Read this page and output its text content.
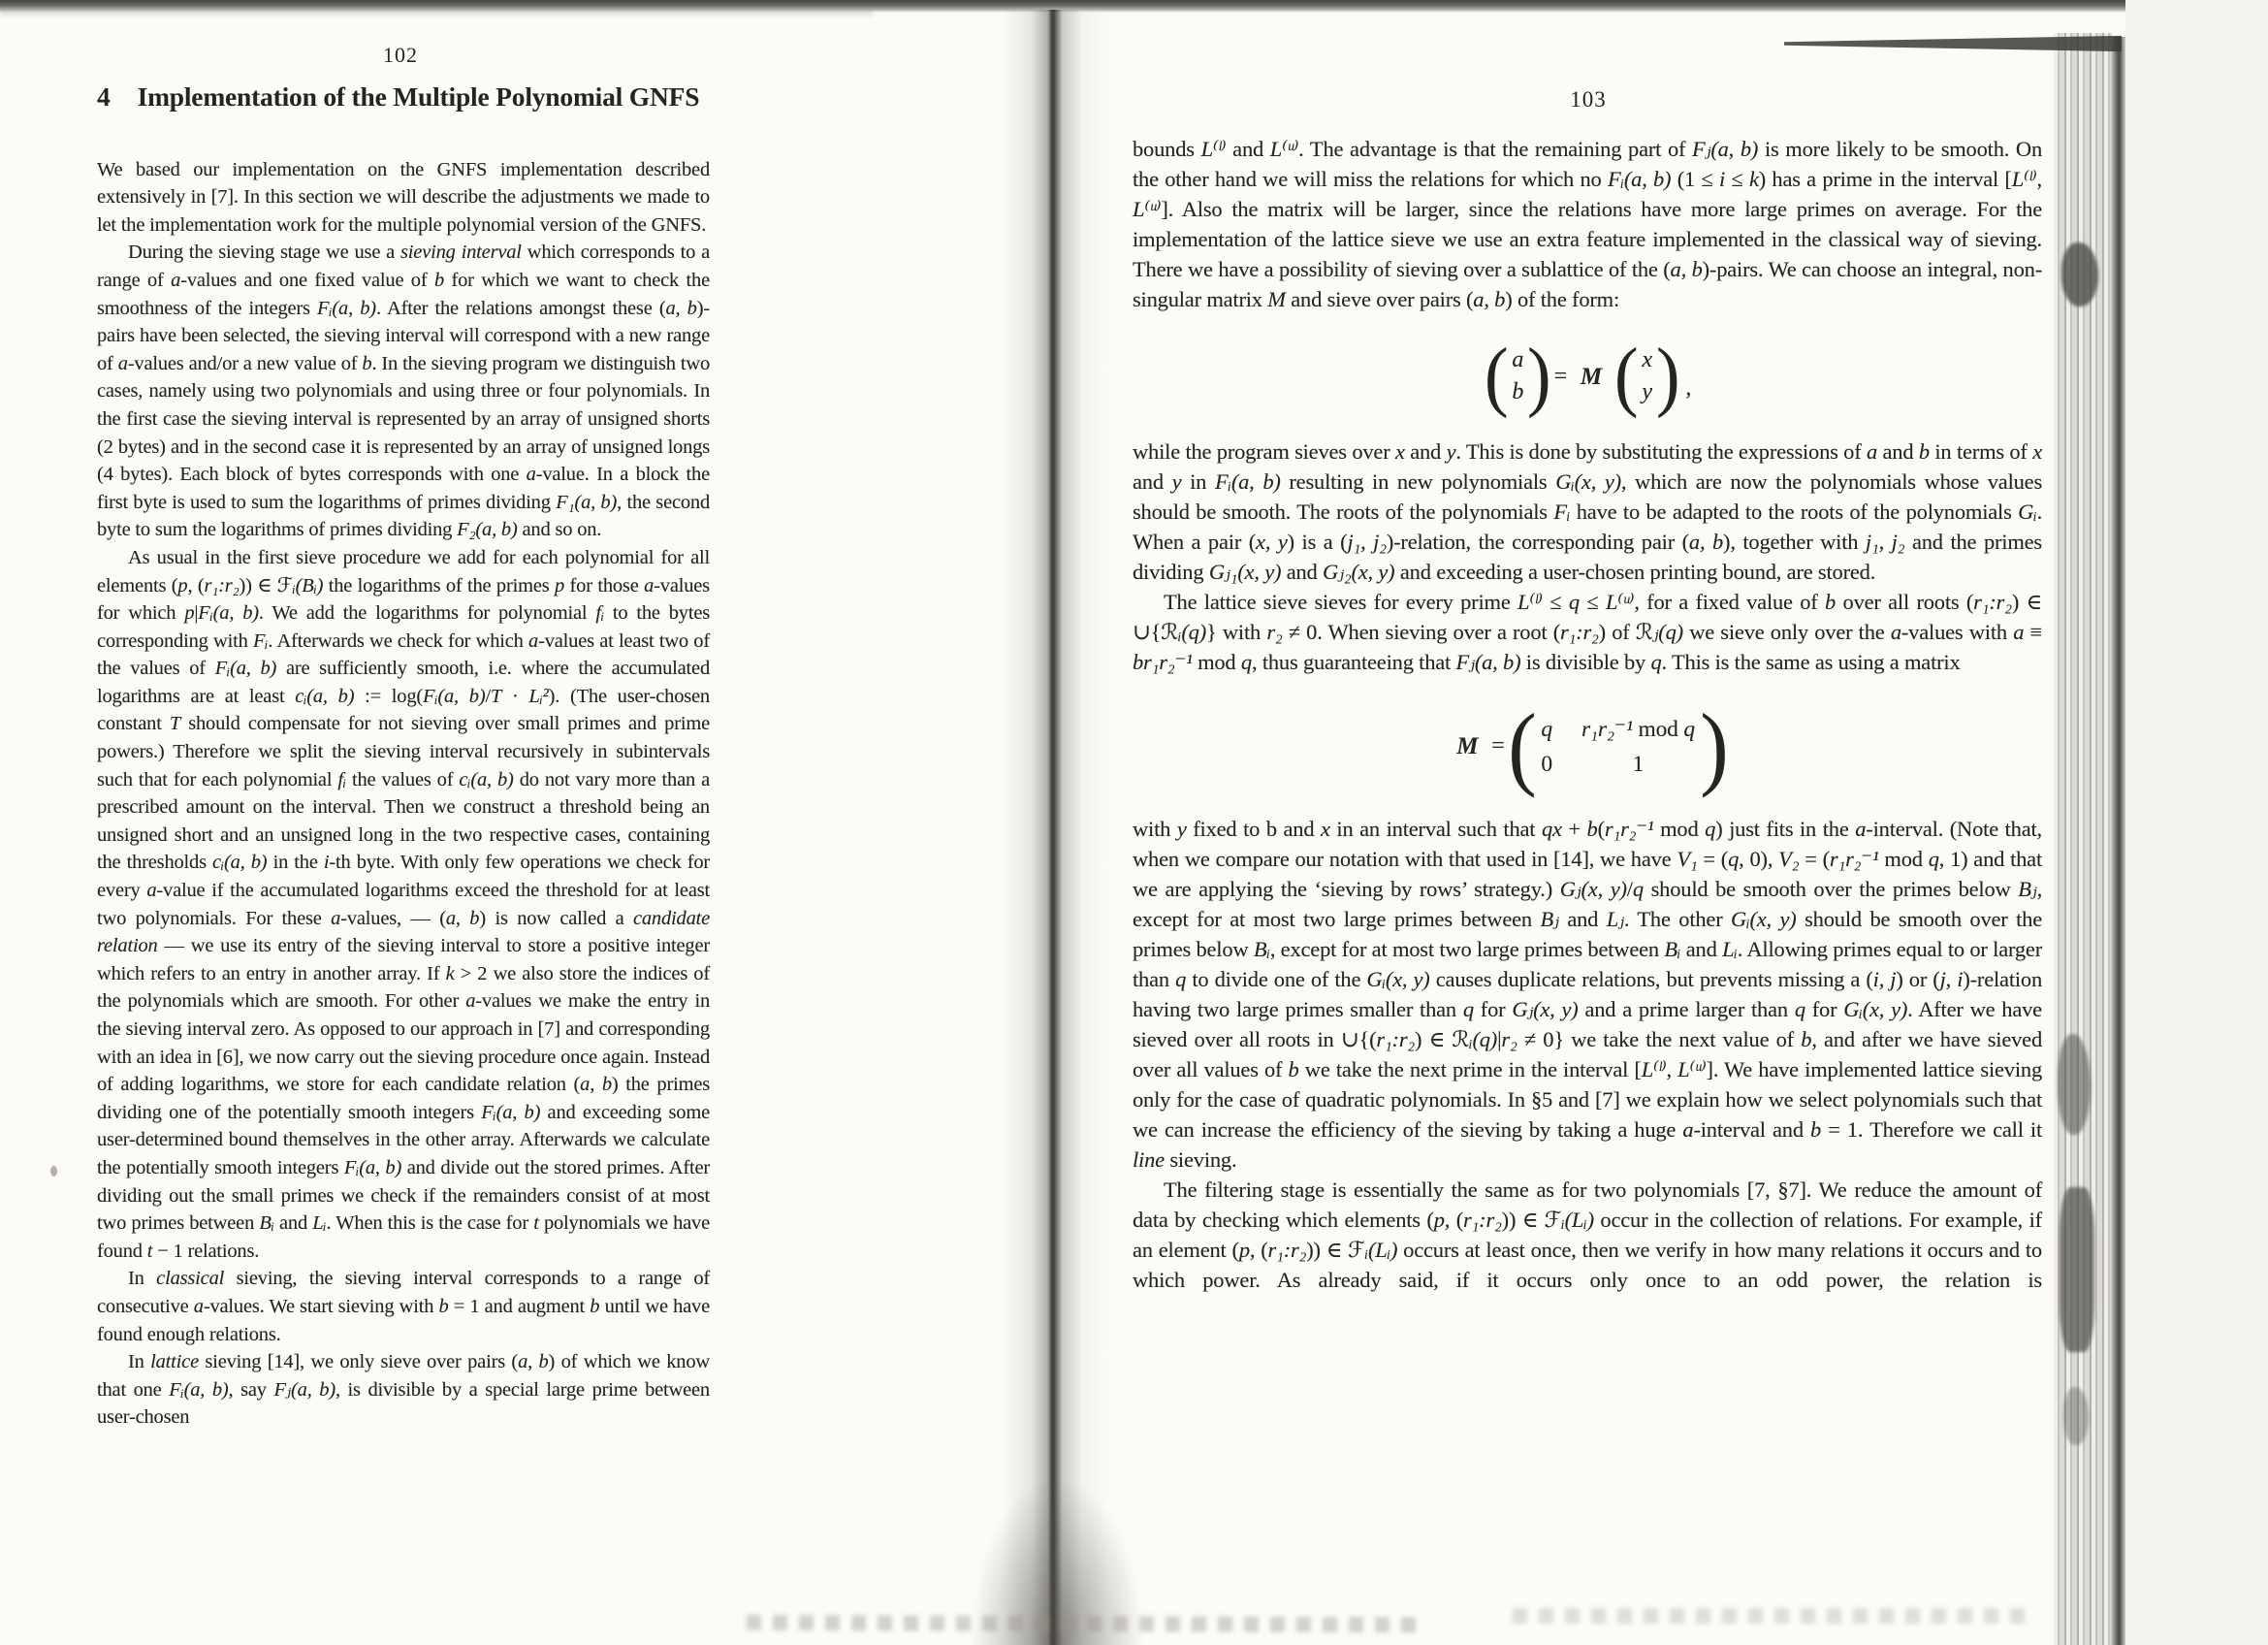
102
103
4 Implementation of the Multiple Polynomial GNFS

We based our implementation on the GNFS implementation described extensively in [7]. In this section we will describe the adjustments we made to let the implementation work for the multiple polynomial version of the GNFS.

During the sieving stage we use a sieving interval which corresponds to a range of a-values and one fixed value of b for which we want to check the smoothness of the integers Fᵢ(a, b). After the relations amongst these (a, b)-pairs have been selected, the sieving interval will correspond with a new range of a-values and/or a new value of b. In the sieving program we distinguish two cases, namely using two polynomials and using three or four polynomials. In the first case the sieving interval is represented by an array of unsigned shorts (2 bytes) and in the second case it is represented by an array of unsigned longs (4 bytes). Each block of bytes corresponds with one a-value. In a block the first byte is used to sum the logarithms of primes dividing F₁(a, b), the second byte to sum the logarithms of primes dividing F₂(a, b) and so on.

As usual in the first sieve procedure we add for each polynomial for all elements (p, (r₁:r₂)) ∈ ℱᵢ(Bᵢ) the logarithms of the primes p for those a-values for which p|Fᵢ(a, b). We add the logarithms for polynomial fᵢ to the bytes corresponding with Fᵢ. Afterwards we check for which a-values at least two of the values of Fᵢ(a, b) are sufficiently smooth, i.e. where the accumulated logarithms are at least cᵢ(a, b) := log(Fᵢ(a, b)/T · Lᵢ²). (The user-chosen constant T should compensate for not sieving over small primes and prime powers.) Therefore we split the sieving interval recursively in subintervals such that for each polynomial fᵢ the values of cᵢ(a, b) do not vary more than a prescribed amount on the interval. Then we construct a threshold being an unsigned short and an unsigned long in the two respective cases, containing the thresholds cᵢ(a, b) in the i-th byte. With only few operations we check for every a-value if the accumulated logarithms exceed the threshold for at least two polynomials. For these a-values, — (a, b) is now called a candidate relation — we use its entry of the sieving interval to store a positive integer which refers to an entry in another array. If k > 2 we also store the indices of the polynomials which are smooth. For other a-values we make the entry in the sieving interval zero. As opposed to our approach in [7] and corresponding with an idea in [6], we now carry out the sieving procedure once again. Instead of adding logarithms, we store for each candidate relation (a, b) the primes dividing one of the potentially smooth integers Fᵢ(a, b) and exceeding some user-determined bound themselves in the other array. Afterwards we calculate the potentially smooth integers Fᵢ(a, b) and divide out the stored primes. After dividing out the small primes we check if the remainders consist of at most two primes between Bᵢ and Lᵢ. When this is the case for t polynomials we have found t − 1 relations.

In classical sieving, the sieving interval corresponds to a range of consecutive a-values. We start sieving with b = 1 and augment b until we have found enough relations.

In lattice sieving [14], we only sieve over pairs (a, b) of which we know that one Fᵢ(a, b), say Fⱼ(a, b), is divisible by a special large prime between user-chosen

bounds L⁽ˡ⁾ and L⁽ᵘ⁾. The advantage is that the remaining part of Fⱼ(a, b) is more likely to be smooth. On the other hand we will miss the relations for which no Fᵢ(a, b) (1 ≤ i ≤ k) has a prime in the interval [L⁽ˡ⁾, L⁽ᵘ⁾]. Also the matrix will be larger, since the relations have more large primes on average. For the implementation of the lattice sieve we use an extra feature implemented in the classical way of sieving. There we have a possibility of sieving over a sublattice of the (a, b)-pairs. We can choose an integral, non-singular matrix M and sieve over pairs (a, b) of the form:

( a
b ) = M ( x
y ) ,

while the program sieves over x and y. This is done by substituting the expressions of a and b in terms of x and y in Fᵢ(a, b) resulting in new polynomials Gᵢ(x, y), which are now the polynomials whose values should be smooth. The roots of the polynomials Fᵢ have to be adapted to the roots of the polynomials Gᵢ. When a pair (x, y) is a (j₁, j₂)-relation, the corresponding pair (a, b), together with j₁, j₂ and the primes dividing Gⱼ₁(x, y) and Gⱼ₂(x, y) and exceeding a user-chosen printing bound, are stored.

The lattice sieve sieves for every prime L⁽ˡ⁾ ≤ q ≤ L⁽ᵘ⁾, for a fixed value of b over all roots (r₁:r₂) ∈ ∪{ℛᵢ(q)} with r₂ ≠ 0. When sieving over a root (r₁:r₂) of ℛⱼ(q) we sieve only over the a-values with a ≡ br₁r₂⁻¹ mod q, thus guaranteeing that Fⱼ(a, b) is divisible by q. This is the same as using a matrix

M = ( q r₁r₂⁻¹ mod q
0	1 )

with y fixed to b and x in an interval such that qx + b(r₁r₂⁻¹ mod q) just fits in the a-interval. (Note that, when we compare our notation with that used in [14], we have V₁ = (q, 0), V₂ = (r₁r₂⁻¹ mod q, 1) and that we are applying the ‘sieving by rows’ strategy.) Gⱼ(x, y)/q should be smooth over the primes below Bⱼ, except for at most two large primes between Bⱼ and Lⱼ. The other Gᵢ(x, y) should be smooth over the primes below Bᵢ, except for at most two large primes between Bᵢ and Lᵢ. Allowing primes equal to or larger than q to divide one of the Gᵢ(x, y) causes duplicate relations, but prevents missing a (i, j) or (j, i)-relation having two large primes smaller than q for Gⱼ(x, y) and a prime larger than q for Gᵢ(x, y). After we have sieved over all roots in ∪{(r₁:r₂) ∈ ℛᵢ(q)|r₂ ≠ 0} we take the next value of b, and after we have sieved over all values of b we take the next prime in the interval [L⁽ˡ⁾, L⁽ᵘ⁾]. We have implemented lattice sieving only for the case of quadratic polynomials. In §5 and [7] we explain how we select polynomials such that we can increase the efficiency of the sieving by taking a huge a-interval and b = 1. Therefore we call it line sieving.

The filtering stage is essentially the same as for two polynomials [7, §7]. We reduce the amount of data by checking which elements (p, (r₁:r₂)) ∈ ℱᵢ(Lᵢ) occur in the collection of relations. For example, if an element (p, (r₁:r₂)) ∈ ℱᵢ(Lᵢ) occurs at least once, then we verify in how many relations it occurs and to which power. As already said, if it occurs only once to an odd power, the relation is
